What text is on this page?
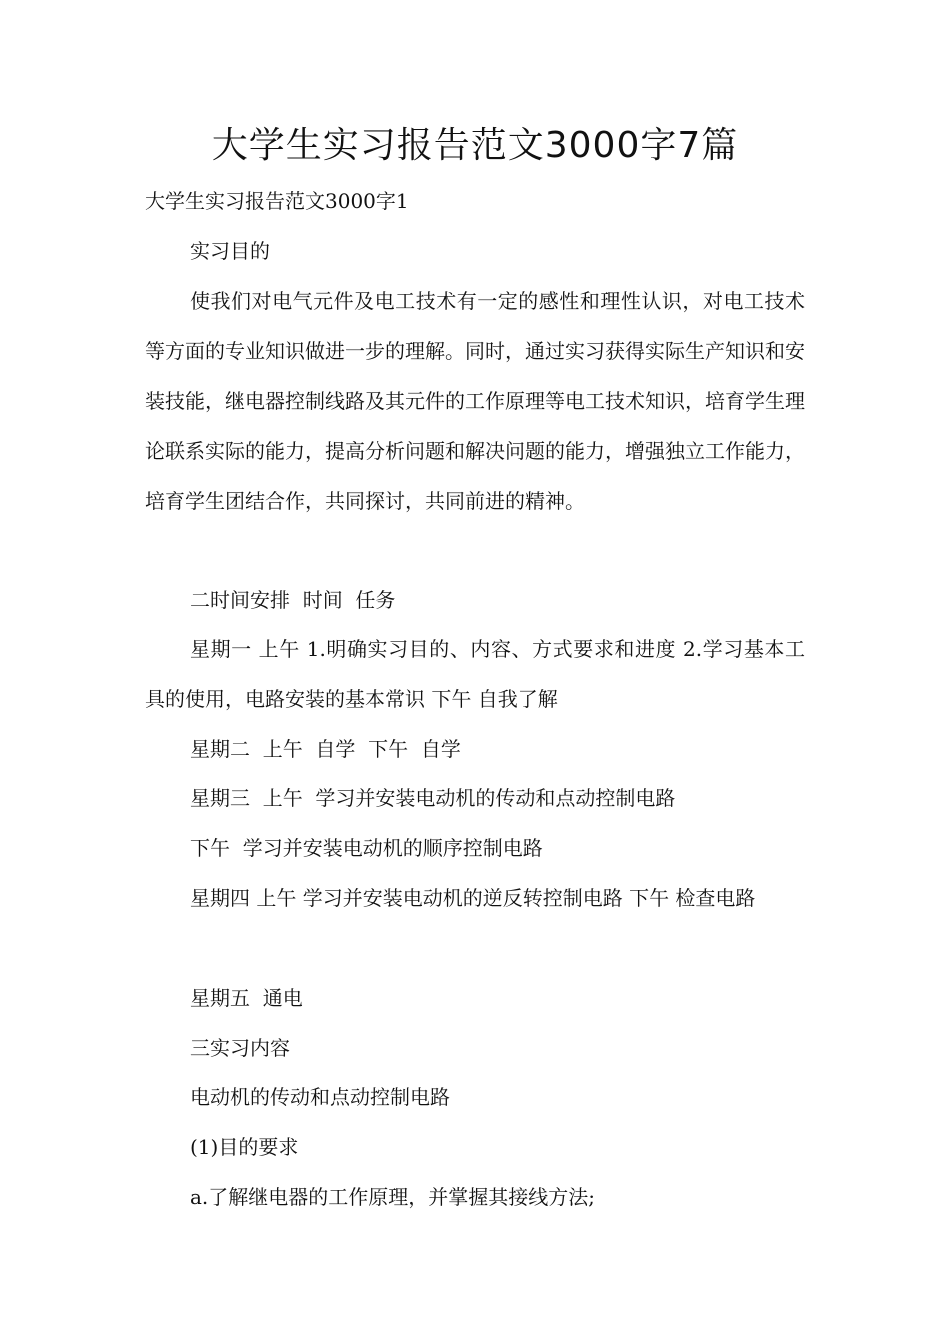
大学生实习报告范文3000字7篇
大学生实习报告范文3000字1
实习目的

使我们对电气元件及电工技术有一定的感性和理性认识，对电工技术等方面的专业知识做进一步的理解。同时，通过实习获得实际生产知识和安装技能，继电器控制线路及其元件的工作原理等电工技术知识，培育学生理论联系实际的能力，提高分析问题和解决问题的能力，增强独立工作能力，培育学生团结合作，共同探讨，共同前进的精神。

二时间安排  时间  任务

星期一 上午 1.明确实习目的、内容、方式要求和进度 2.学习基本工具的使用，电路安装的基本常识 下午 自我了解

星期二  上午  自学  下午  自学
星期三  上午  学习并安装电动机的传动和点动控制电路
下午  学习并安装电动机的顺序控制电路

星期四 上午 学习并安装电动机的逆反转控制电路 下午 检查电路

星期五  通电
三实习内容
电动机的传动和点动控制电路
(1)目的要求
a.了解继电器的工作原理，并掌握其接线方法;
